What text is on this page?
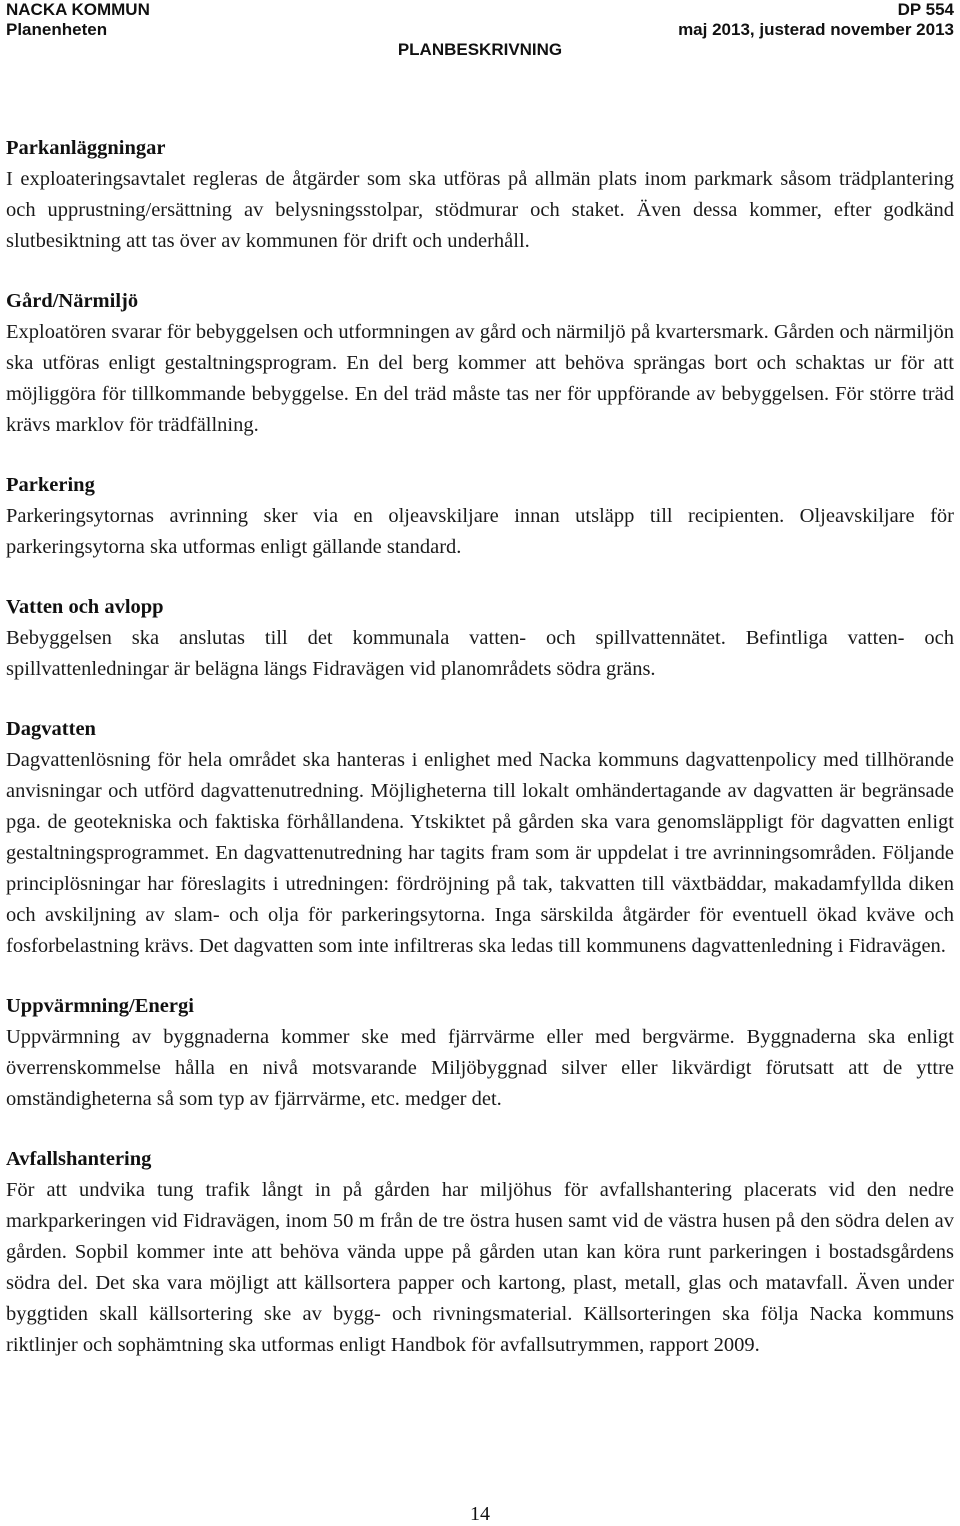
NACKA KOMMUN
Planenheten
DP 554
maj 2013, justerad november 2013
PLANBESKRIVNING
Parkanläggningar

I exploateringsavtalet regleras de åtgärder som ska utföras på allmän plats inom parkmark såsom trädplantering och upprustning/ersättning av belysningsstolpar, stödmurar och staket. Även dessa kommer, efter godkänd slutbesiktning att tas över av kommunen för drift och underhåll.

Gård/Närmiljö

Exploatören svarar för bebyggelsen och utformningen av gård och närmiljö på kvartersmark. Gården och närmiljön ska utföras enligt gestaltningsprogram. En del berg kommer att behöva sprängas bort och schaktas ur för att möjliggöra för tillkommande bebyggelse. En del träd måste tas ner för uppförande av bebyggelsen. För större träd krävs marklov för trädfällning.

Parkering

Parkeringsytornas avrinning sker via en oljeavskiljare innan utsläpp till recipienten. Oljeavskiljare för parkeringsytorna ska utformas enligt gällande standard.

Vatten och avlopp

Bebyggelsen ska anslutas till det kommunala vatten- och spillvattennätet. Befintliga vatten- och spillvattenledningar är belägna längs Fidravägen vid planområdets södra gräns.

Dagvatten

Dagvattenlösning för hela området ska hanteras i enlighet med Nacka kommuns dagvattenpolicy med tillhörande anvisningar och utförd dagvattenutredning. Möjligheterna till lokalt omhändertagande av dagvatten är begränsade pga. de geotekniska och faktiska förhållandena. Ytskiktet på gården ska vara genomsläppligt för dagvatten enligt gestaltningsprogrammet. En dagvattenutredning har tagits fram som är uppdelat i tre avrinningsområden. Följande principlösningar har föreslagits i utredningen: fördröjning på tak, takvatten till växtbäddar, makadamfyllda diken och avskiljning av slam- och olja för parkeringsytorna. Inga särskilda åtgärder för eventuell ökad kväve och fosforbelastning krävs. Det dagvatten som inte infiltreras ska ledas till kommunens dagvattenledning i Fidravägen.

Uppvärmning/Energi

Uppvärmning av byggnaderna kommer ske med fjärrvärme eller med bergvärme. Byggnaderna ska enligt överrenskommelse hålla en nivå motsvarande Miljöbyggnad silver eller likvärdigt förutsatt att de yttre omständigheterna så som typ av fjärrvärme, etc. medger det.

Avfallshantering

För att undvika tung trafik långt in på gården har miljöhus för avfallshantering placerats vid den nedre markparkeringen vid Fidravägen, inom 50 m från de tre östra husen samt vid de västra husen på den södra delen av gården. Sopbil kommer inte att behöva vända uppe på gården utan kan köra runt parkeringen i bostadsgårdens södra del. Det ska vara möjligt att källsortera papper och kartong, plast, metall, glas och matavfall. Även under byggtiden skall källsortering ske av bygg- och rivningsmaterial. Källsorteringen ska följa Nacka kommuns riktlinjer och sophämtning ska utformas enligt Handbok för avfallsutrymmen, rapport 2009.

14
